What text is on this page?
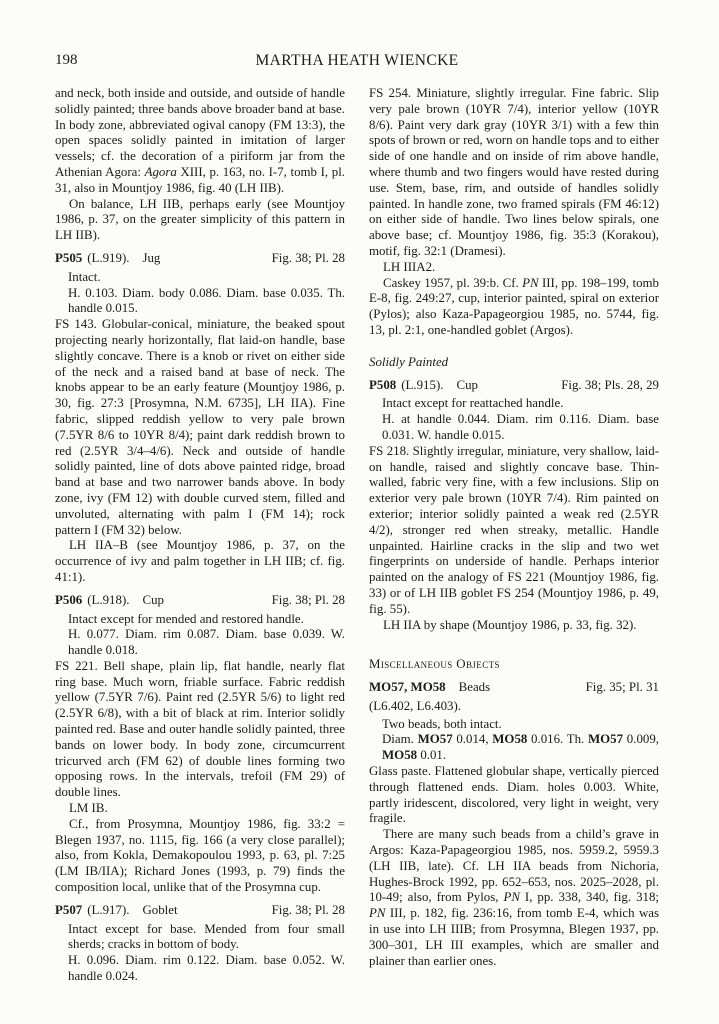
198	MARTHA HEATH WIENCKE

and neck, both inside and outside, and outside of handle solidly painted; three bands above broader band at base. In body zone, abbreviated ogival canopy (FM 13:3), the open spaces solidly painted in imitation of larger vessels; cf. the decoration of a piriform jar from the Athenian Agora: Agora XIII, p. 163, no. I-7, tomb I, pl. 31, also in Mountjoy 1986, fig. 40 (LH IIB).

On balance, LH IIB, perhaps early (see Mountjoy 1986, p. 37, on the greater simplicity of this pattern in LH IIB).

P505 (L.919). Jug	Fig. 38; Pl. 28

Intact.

H. 0.103. Diam. body 0.086. Diam. base 0.035. Th. handle 0.015.

FS 143. Globular-conical, miniature, the beaked spout projecting nearly horizontally, flat laid-on handle, base slightly concave. There is a knob or rivet on either side of the neck and a raised band at base of neck. The knobs appear to be an early feature (Mountjoy 1986, p. 30, fig. 27:3 [Prosymna, N.M. 6735], LH IIA). Fine fabric, slipped reddish yellow to very pale brown (7.5YR 8/6 to 10YR 8/4); paint dark reddish brown to red (2.5YR 3/4–4/6). Neck and outside of handle solidly painted, line of dots above painted ridge, broad band at base and two narrower bands above. In body zone, ivy (FM 12) with double curved stem, filled and unvoluted, alternating with palm I (FM 14); rock pattern I (FM 32) below.

LH IIA–B (see Mountjoy 1986, p. 37, on the occurrence of ivy and palm together in LH IIB; cf. fig. 41:1).

P506 (L.918). Cup	Fig. 38; Pl. 28

Intact except for mended and restored handle.

H. 0.077. Diam. rim 0.087. Diam. base 0.039. W. handle 0.018.

FS 221. Bell shape, plain lip, flat handle, nearly flat ring base. Much worn, friable surface. Fabric reddish yellow (7.5YR 7/6). Paint red (2.5YR 5/6) to light red (2.5YR 6/8), with a bit of black at rim. Interior solidly painted red. Base and outer handle solidly painted, three bands on lower body. In body zone, circumcurrent tricurved arch (FM 62) of double lines forming two opposing rows. In the intervals, trefoil (FM 29) of double lines.

LM IB.

Cf., from Prosymna, Mountjoy 1986, fig. 33:2 = Blegen 1937, no. 1115, fig. 166 (a very close parallel); also, from Kokla, Demakopoulou 1993, p. 63, pl. 7:25 (LM IB/IIA); Richard Jones (1993, p. 79) finds the composition local, unlike that of the Prosymna cup.

P507 (L.917). Goblet	Fig. 38; Pl. 28

Intact except for base. Mended from four small sherds; cracks in bottom of body.

H. 0.096. Diam. rim 0.122. Diam. base 0.052. W. handle 0.024.

FS 254. Miniature, slightly irregular. Fine fabric. Slip very pale brown (10YR 7/4), interior yellow (10YR 8/6). Paint very dark gray (10YR 3/1) with a few thin spots of brown or red, worn on handle tops and to either side of one handle and on inside of rim above handle, where thumb and two fingers would have rested during use. Stem, base, rim, and outside of handles solidly painted. In handle zone, two framed spirals (FM 46:12) on either side of handle. Two lines below spirals, one above base; cf. Mountjoy 1986, fig. 35:3 (Korakou), motif, fig. 32:1 (Dramesi).

LH IIIA2.

Caskey 1957, pl. 39:b. Cf. PN III, pp. 198–199, tomb E-8, fig. 249:27, cup, interior painted, spiral on exterior (Pylos); also Kaza-Papageorgiou 1985, no. 5744, fig. 13, pl. 2:1, one-handled goblet (Argos).

Solidly Painted
P508 (L.915). Cup	Fig. 38; Pls. 28, 29

Intact except for reattached handle.

H. at handle 0.044. Diam. rim 0.116. Diam. base 0.031. W. handle 0.015.

FS 218. Slightly irregular, miniature, very shallow, laid-on handle, raised and slightly concave base. Thin-walled, fabric very fine, with a few inclusions. Slip on exterior very pale brown (10YR 7/4). Rim painted on exterior; interior solidly painted a weak red (2.5YR 4/2), stronger red when streaky, metallic. Handle unpainted. Hairline cracks in the slip and two wet fingerprints on underside of handle. Perhaps interior painted on the analogy of FS 221 (Mountjoy 1986, fig. 33) or of LH IIB goblet FS 254 (Mountjoy 1986, p. 49, fig. 55).

LH IIA by shape (Mountjoy 1986, p. 33, fig. 32).

Miscellaneous Objects
MO57, MO58 Beads	Fig. 35; Pl. 31

(L6.402, L6.403).

Two beads, both intact.

Diam. MO57 0.014, MO58 0.016. Th. MO57 0.009, MO58 0.01.

Glass paste. Flattened globular shape, vertically pierced through flattened ends. Diam. holes 0.003. White, partly iridescent, discolored, very light in weight, very fragile.

There are many such beads from a child’s grave in Argos: Kaza-Papageorgiou 1985, nos. 5959.2, 5959.3 (LH IIB, late). Cf. LH IIA beads from Nichoria, Hughes-Brock 1992, pp. 652–653, nos. 2025–2028, pl. 10-49; also, from Pylos, PN I, pp. 338, 340, fig. 318; PN III, p. 182, fig. 236:16, from tomb E-4, which was in use into LH IIIB; from Prosymna, Blegen 1937, pp. 300–301, LH III examples, which are smaller and plainer than earlier ones.
